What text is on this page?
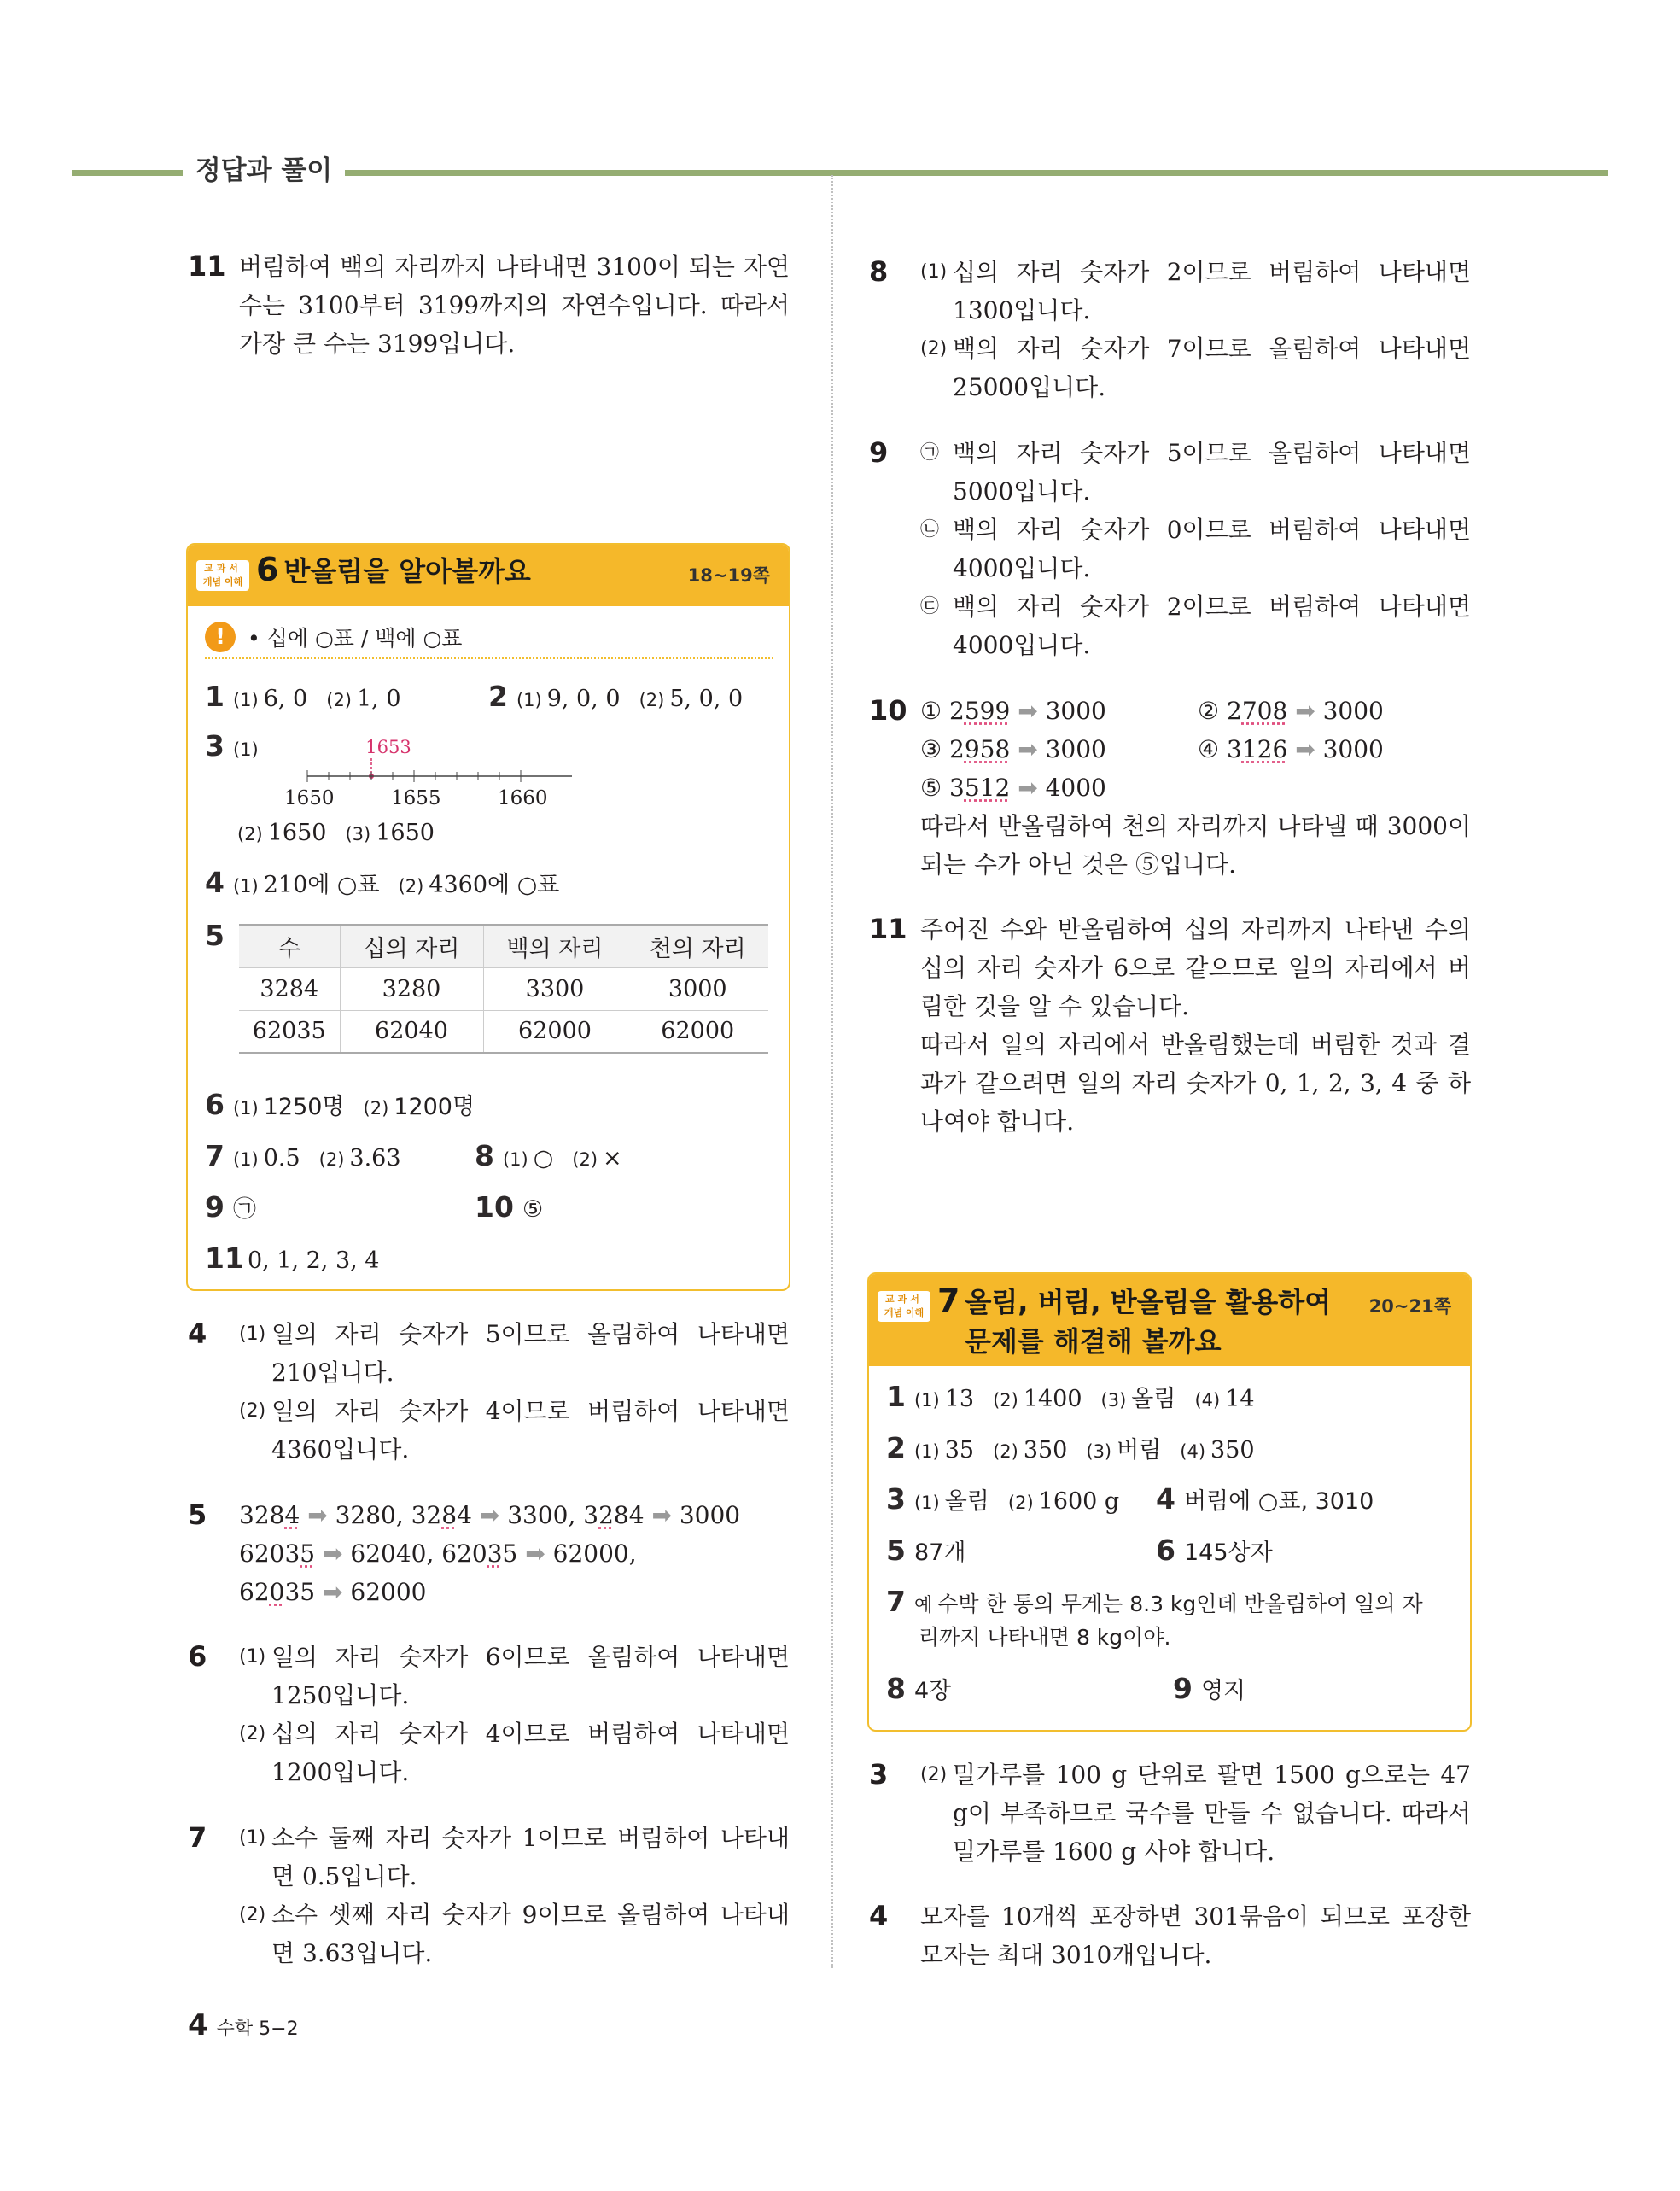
정답과 풀이
11 버림하여 백의 자리까지 나타내면 3100이 되는 자연수는 3100부터 3199까지의 자연수입니다. 따라서 가장 큰 수는 3199입니다.
교과서
개념 이해 6 반올림을 알아볼까요	18~19쪽
!	• 십에 ○표 / 백에 ○표
1 (1) 6, 0 (2) 1, 0	2 (1) 9, 0, 0 (2) 5, 0, 0
3 (1)	1653
1650	1655	1660
(2) 1650 (3) 1650
4 (1) 210에 ○표 (2) 4360에 ○표
5	수	십의 자리	백의 자리	천의 자리
3284	3280	3300	3000
62035	62040	62000	62000
6 (1) 1250명 (2) 1200명
7 (1) 0.5 (2) 3.63	8 (1) ○ (2) ×
9 ㉠	10 ⑤
11 0, 1, 2, 3, 4
4 (1) 일의 자리 숫자가 5이므로 올림하여 나타내면 210입니다.
(2) 일의 자리 숫자가 4이므로 버림하여 나타내면 4360입니다.
5 3284 ➡ 3280, 3284 ➡ 3300, 3284 ➡ 3000
62035 ➡ 62040, 62035 ➡ 62000,
62035 ➡ 62000
6 (1) 일의 자리 숫자가 6이므로 올림하여 나타내면 1250입니다.
(2) 십의 자리 숫자가 4이므로 버림하여 나타내면 1200입니다.
7 (1) 소수 둘째 자리 숫자가 1이므로 버림하여 나타내면 0.5입니다.
(2) 소수 셋째 자리 숫자가 9이므로 올림하여 나타내면 3.63입니다.
8 (1) 십의 자리 숫자가 2이므로 버림하여 나타내면 1300입니다.
(2) 백의 자리 숫자가 7이므로 올림하여 나타내면 25000입니다.
9 ㉠ 백의 자리 숫자가 5이므로 올림하여 나타내면 5000입니다.
㉡ 백의 자리 숫자가 0이므로 버림하여 나타내면 4000입니다.
㉢ 백의 자리 숫자가 2이므로 버림하여 나타내면 4000입니다.
10 ① 2599 ➡ 3000	② 2708 ➡ 3000
③ 2958 ➡ 3000	④ 3126 ➡ 3000
⑤ 3512 ➡ 4000
따라서 반올림하여 천의 자리까지 나타낼 때 3000이 되는 수가 아닌 것은 ⑤입니다.
11 주어진 수와 반올림하여 십의 자리까지 나타낸 수의 십의 자리 숫자가 6으로 같으므로 일의 자리에서 버림한 것을 알 수 있습니다.
따라서 일의 자리에서 반올림했는데 버림한 것과 결과가 같으려면 일의 자리 숫자가 0, 1, 2, 3, 4 중 하나여야 합니다.
교과서
개념 이해 7 올림, 버림, 반올림을 활용하여
문제를 해결해 볼까요
20~21쪽
1 (1) 13 (2) 1400 (3) 올림 (4) 14
2 (1) 35 (2) 350 (3) 버림 (4) 350
3 (1) 올림 (2) 1600 g 4 버림에 ○표, 3010
5 87개	6 145상자
7 예 수박 한 통의 무게는 8.3 kg인데 반올림하여 일의 자
리까지 나타내면 8 kg이야.
8 4장	9 영지
3 (2) 밀가루를 100 g 단위로 팔면 1500 g으로는 47 g이 부족하므로 국수를 만들 수 없습니다. 따라서 밀가루를 1600 g 사야 합니다.
4 모자를 10개씩 포장하면 301묶음이 되므로 포장한 모자는 최대 3010개입니다.
4 수학 5−2
